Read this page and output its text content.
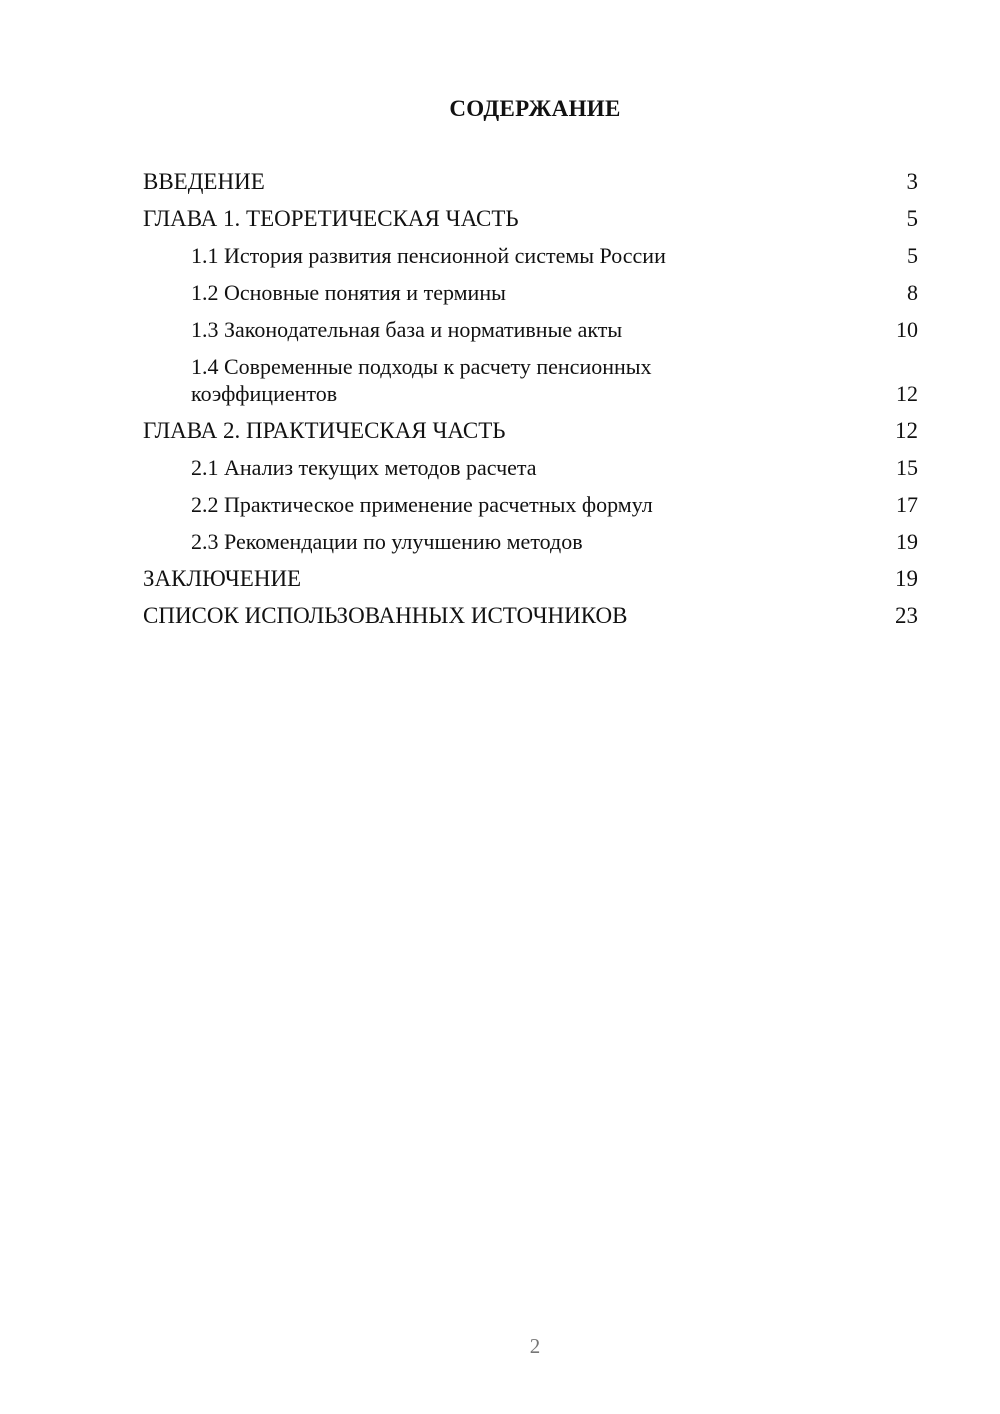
СОДЕРЖАНИЕ
ВВЕДЕНИЕ	3
ГЛАВА 1. ТЕОРЕТИЧЕСКАЯ ЧАСТЬ	5
1.1 История развития пенсионной системы России	5
1.2 Основные понятия и термины	8
1.3 Законодательная база и нормативные акты	10
1.4 Современные подходы к расчету пенсионных коэффициентов	12
ГЛАВА 2. ПРАКТИЧЕСКАЯ ЧАСТЬ	12
2.1 Анализ текущих методов расчета	15
2.2 Практическое применение расчетных формул	17
2.3 Рекомендации по улучшению методов	19
ЗАКЛЮЧЕНИЕ	19
СПИСОК ИСПОЛЬЗОВАННЫХ ИСТОЧНИКОВ	23
2
